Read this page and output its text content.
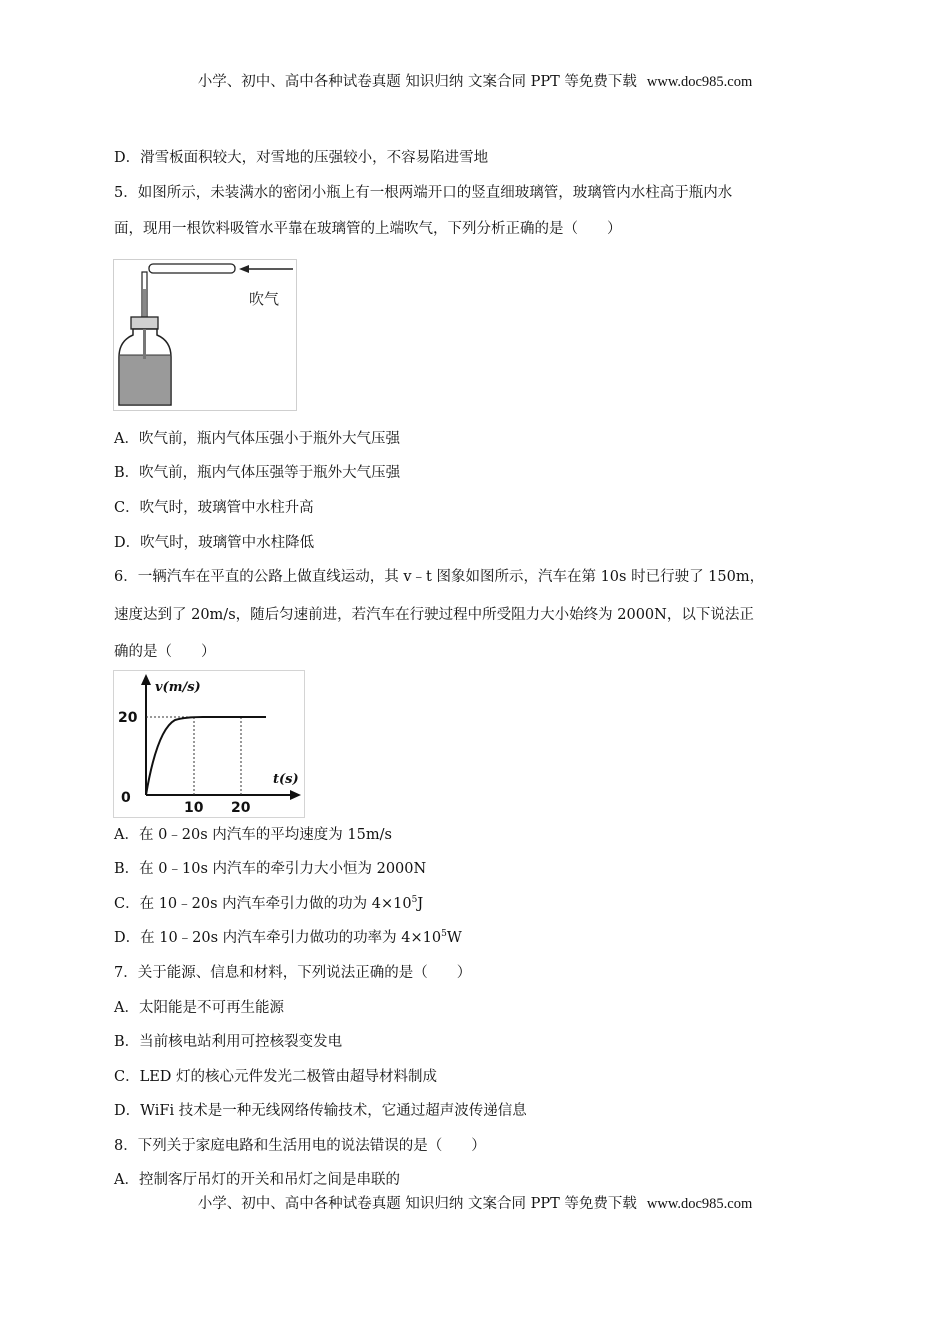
小学、初中、高中各种试卷真题 知识归纳 文案合同 PPT 等免费下载 www.doc985.com
D．滑雪板面积较大，对雪地的压强较小，不容易陷进雪地
5．如图所示，未装满水的密闭小瓶上有一根两端开口的竖直细玻璃管，玻璃管内水柱高于瓶内水
面，现用一根饮料吸管水平靠在玻璃管的上端吹气，下列分析正确的是（　　）
吹气
A．吹气前，瓶内气体压强小于瓶外大气压强
B．吹气前，瓶内气体压强等于瓶外大气压强
C．吹气时，玻璃管中水柱升高
D．吹气时，玻璃管中水柱降低
6．一辆汽车在平直的公路上做直线运动，其 v﹣t 图象如图所示，汽车在第 10s 时已行驶了 150m，
速度达到了 20m/s，随后匀速前进，若汽车在行驶过程中所受阻力大小始终为 2000N，以下说法正
确的是（　　）
v(m/s)
t(s)
20
0
10 20
A．在 0﹣20s 内汽车的平均速度为 15m/s
B．在 0﹣10s 内汽车的牵引力大小恒为 2000N
C．在 10﹣20s 内汽车牵引力做的功为 $4\times 10^5J$
D．在 10﹣20s 内汽车牵引力做功的功率为 $4\times 10^5W$
7．关于能源、信息和材料，下列说法正确的是（　　）
A．太阳能是不可再生能源
B．当前核电站利用可控核裂变发电
C．LED 灯的核心元件发光二极管由超导材料制成
D．WiFi 技术是一种无线网络传输技术，它通过超声波传递信息
8．下列关于家庭电路和生活用电的说法错误的是（　　）
A．控制客厅吊灯的开关和吊灯之间是串联的
小学、初中、高中各种试卷真题 知识归纳 文案合同 PPT 等免费下载 www.doc985.com
